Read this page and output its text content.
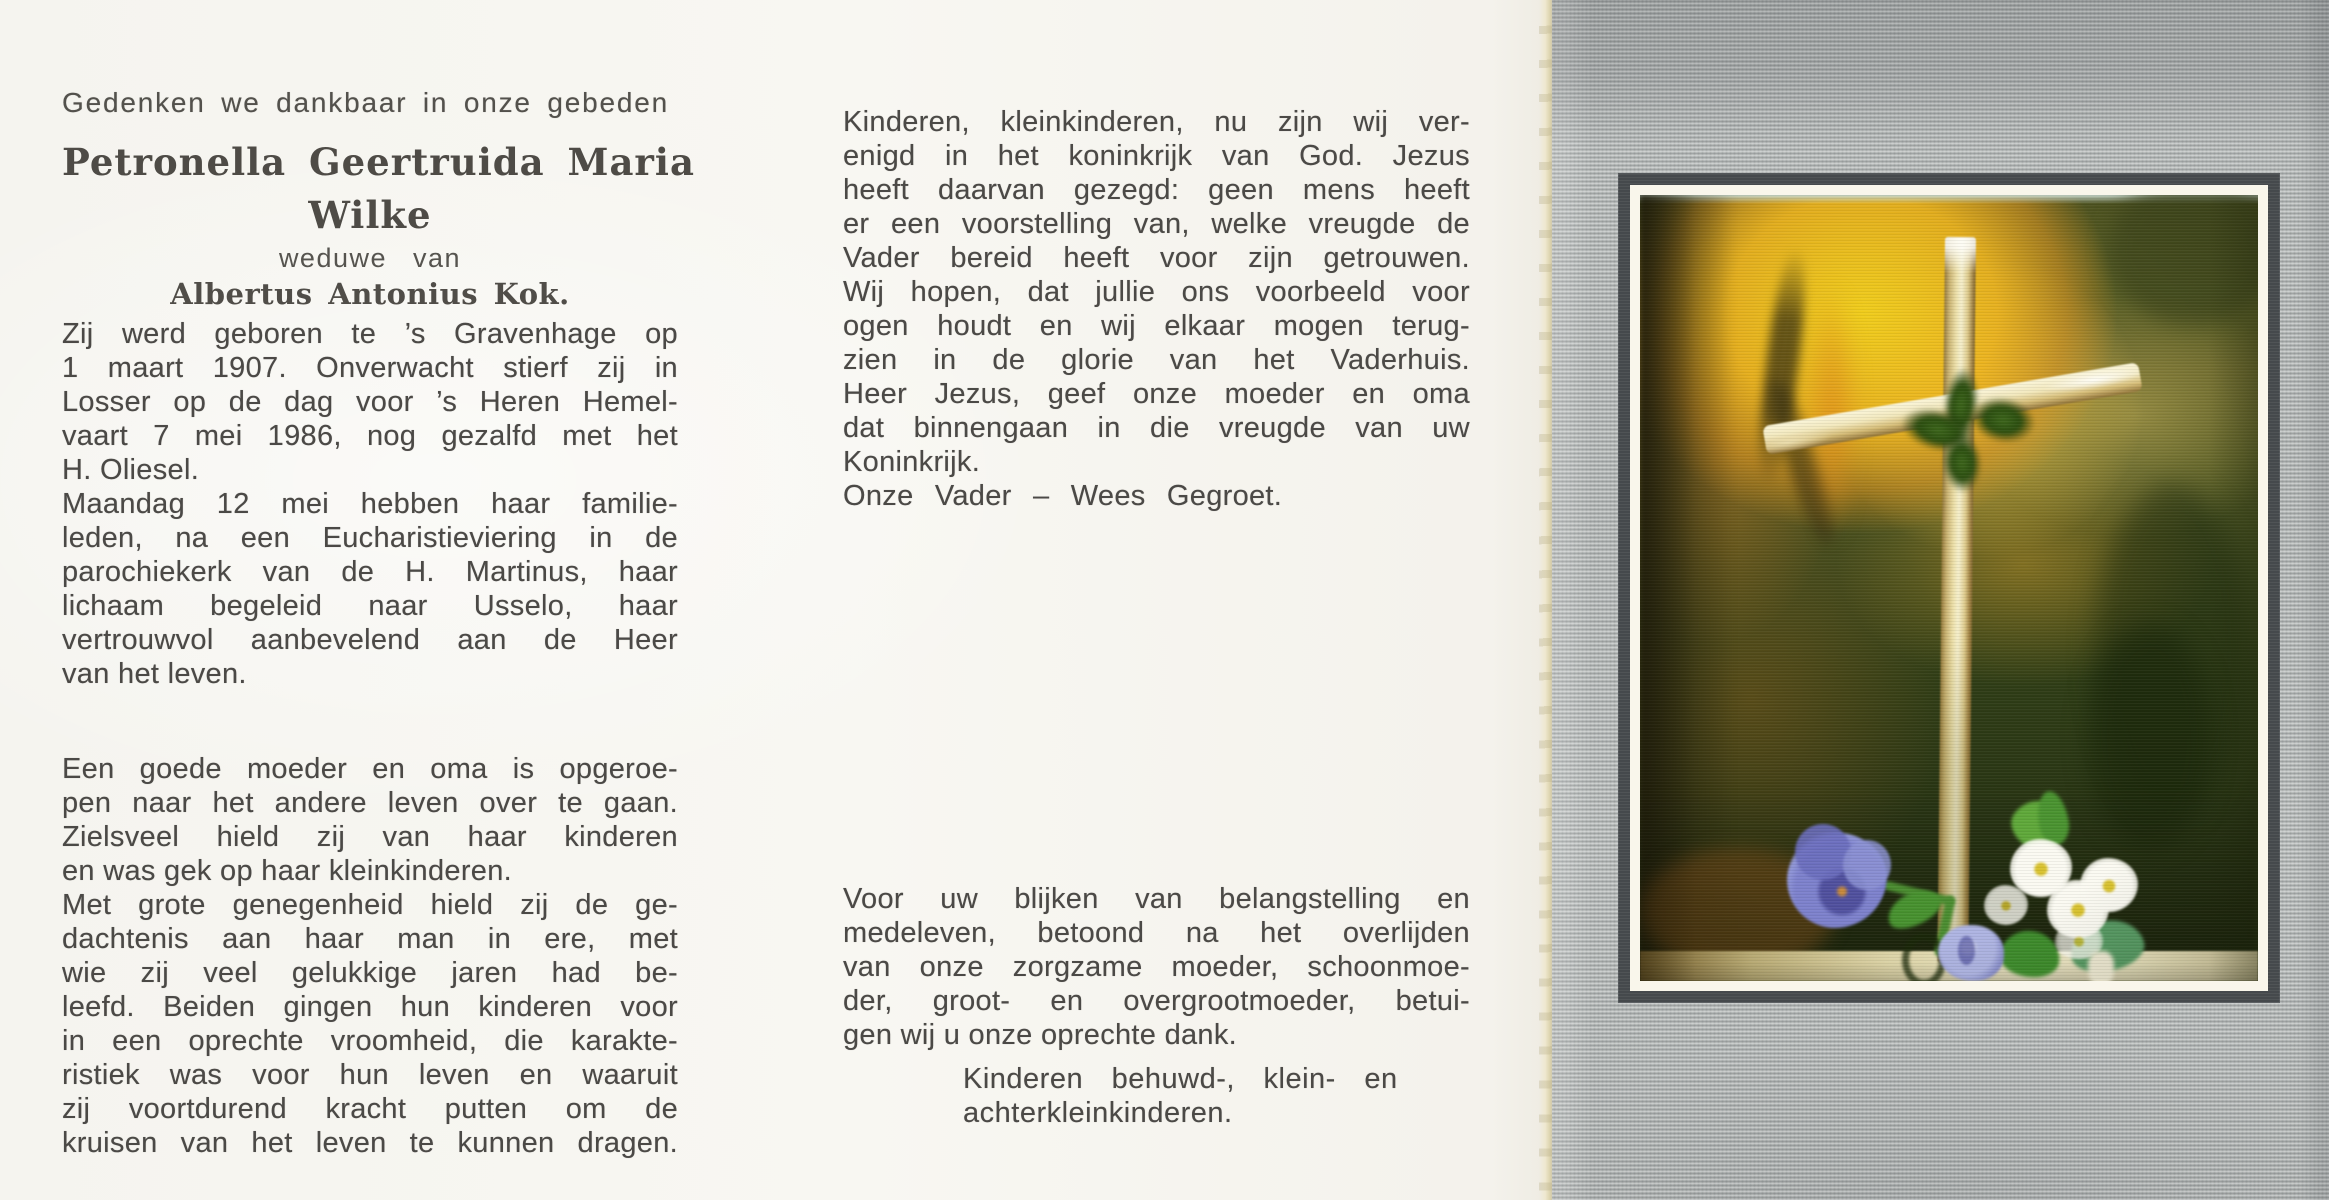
Gedenken we dankbaar in onze gebeden
Petronella Geertruida Maria
Wilke
weduwe van
Albertus Antonius Kok.
Zij werd geboren te ’s Gravenhage op
1 maart 1907. Onverwacht stierf zij in
Losser op de dag voor ’s Heren Hemel-
vaart 7 mei 1986, nog gezalfd met het
H. Oliesel.
Maandag 12 mei hebben haar familie-
leden, na een Eucharistieviering in de
parochiekerk van de H. Martinus, haar
lichaam begeleid naar Usselo, haar
vertrouwvol aanbevelend aan de Heer
van het leven.
Een goede moeder en oma is opgeroe-
pen naar het andere leven over te gaan.
Zielsveel hield zij van haar kinderen
en was gek op haar kleinkinderen.
Met grote genegenheid hield zij de ge-
dachtenis aan haar man in ere, met
wie zij veel gelukkige jaren had be-
leefd. Beiden gingen hun kinderen voor
in een oprechte vroomheid, die karakte-
ristiek was voor hun leven en waaruit
zij voortdurend kracht putten om de
kruisen van het leven te kunnen dragen.
Kinderen, kleinkinderen, nu zijn wij ver-
enigd in het koninkrijk van God. Jezus
heeft daarvan gezegd: geen mens heeft
er een voorstelling van, welke vreugde de
Vader bereid heeft voor zijn getrouwen.
Wij hopen, dat jullie ons voorbeeld voor
ogen houdt en wij elkaar mogen terug-
zien in de glorie van het Vaderhuis.
Heer Jezus, geef onze moeder en oma
dat binnengaan in die vreugde van uw
Koninkrijk.
Onze Vader – Wees Gegroet.
Voor uw blijken van belangstelling en
medeleven, betoond na het overlijden
van onze zorgzame moeder, schoonmoe-
der, groot- en overgrootmoeder, betui-
gen wij u onze oprechte dank.
Kinderen behuwd-, klein- en
achterkleinkinderen.
